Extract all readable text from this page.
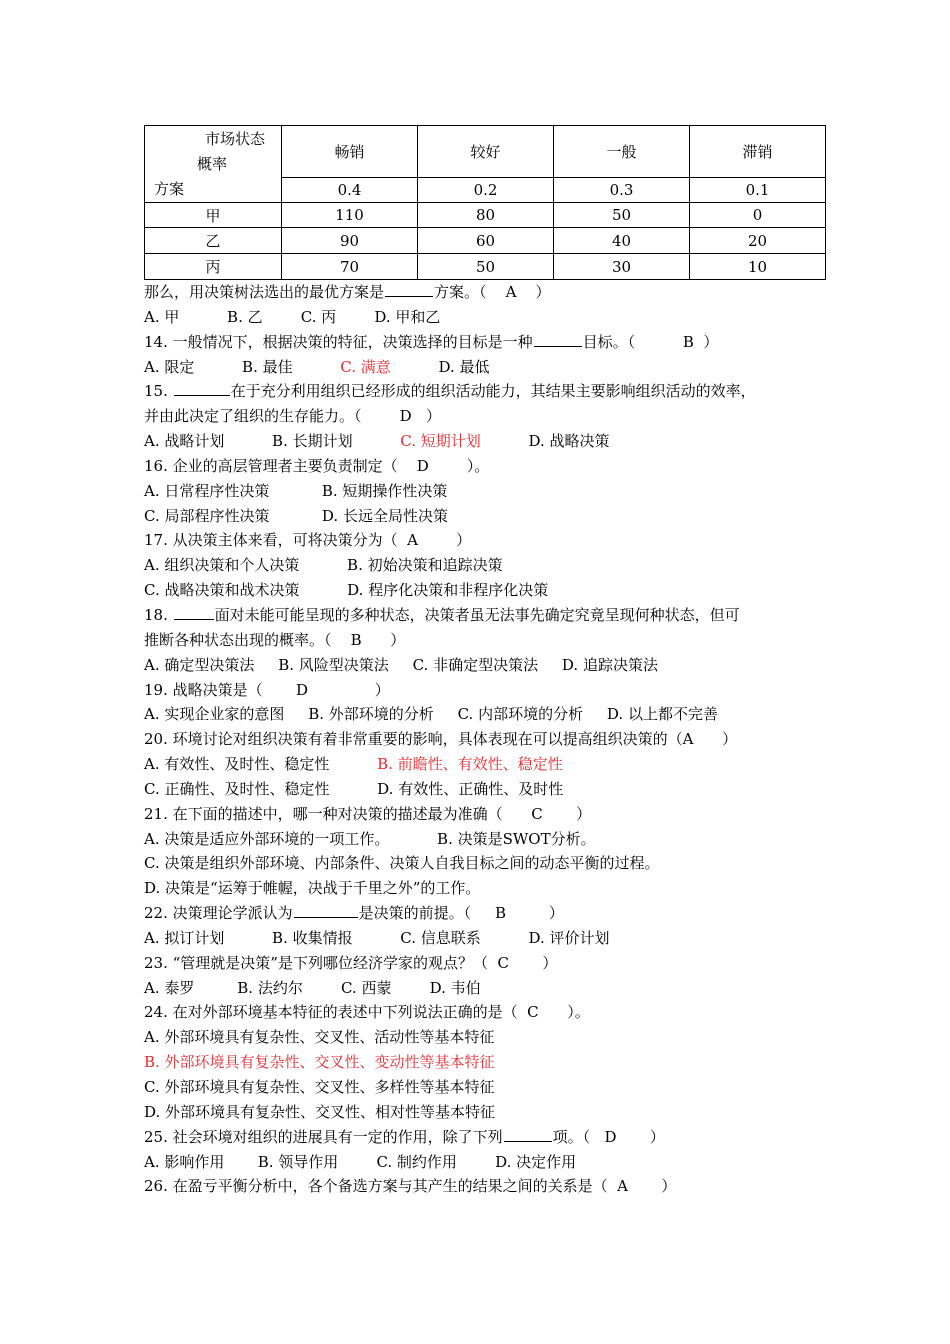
市场状态
概率
方案	畅销	较好	一般	滞销
	0.4	0.2	0.3	0.1
甲	110	80	50	0
乙	90	60	40	20
丙	70	50	30	10
那么，用决策树法选出的最优方案是	方案。（    A    ）
A. 甲          B. 乙        C. 丙        D. 甲和乙
14. 一般情况下，根据决策的特征，决策选择的目标是一种	目标。（          B  ）
A. 限定          B. 最佳          C. 满意          D. 最低
15.	在于充分利用组织已经形成的组织活动能力，其结果主要影响组织活动的效率，
并由此决定了组织的生存能力。（        D   ）
A. 战略计划          B. 长期计划          C. 短期计划          D. 战略决策
16. 企业的高层管理者主要负责制定（    D        ）。
A. 日常程序性决策           B. 短期操作性决策
C. 局部程序性决策           D. 长远全局性决策
17. 从决策主体来看，可将决策分为（  A        ）
A. 组织决策和个人决策          B. 初始决策和追踪决策
C. 战略决策和战术决策          D. 程序化决策和非程序化决策
18.	面对未能可能呈现的多种状态，决策者虽无法事先确定究竟呈现何种状态，但可
推断各种状态出现的概率。（    B      ）
A. 确定型决策法     B. 风险型决策法     C. 非确定型决策法     D. 追踪决策法
19. 战略决策是（       D              ）
A. 实现企业家的意图     B. 外部环境的分析     C. 内部环境的分析     D. 以上都不完善
20. 环境讨论对组织决策有着非常重要的影响，具体表现在可以提高组织决策的（A      ）
A. 有效性、及时性、稳定性          B. 前瞻性、有效性、稳定性
C. 正确性、及时性、稳定性          D. 有效性、正确性、及时性
21. 在下面的描述中，哪一种对决策的描述最为准确（      C       ）
A. 决策是适应外部环境的一项工作。          B. 决策是SWOT分析。
C. 决策是组织外部环境、内部条件、决策人自我目标之间的动态平衡的过程。
D. 决策是“运筹于帷幄，决战于千里之外”的工作。
22. 决策理论学派认为	是决策的前提。（     B         ）
A. 拟订计划          B. 收集情报          C. 信息联系          D. 评价计划
23. “管理就是决策”是下列哪位经济学家的观点？（  C       ）
A. 泰罗         B. 法约尔        C. 西蒙        D. 韦伯
24. 在对外部环境基本特征的表述中下列说法正确的是（  C      ）。
A. 外部环境具有复杂性、交叉性、活动性等基本特征
B. 外部环境具有复杂性、交叉性、变动性等基本特征
C. 外部环境具有复杂性、交叉性、多样性等基本特征
D. 外部环境具有复杂性、交叉性、相对性等基本特征
25. 社会环境对组织的进展具有一定的作用，除了下列	项。（   D       ）
A. 影响作用       B. 领导作用        C. 制约作用        D. 决定作用
26. 在盈亏平衡分析中，各个备选方案与其产生的结果之间的关系是（  A       ）
